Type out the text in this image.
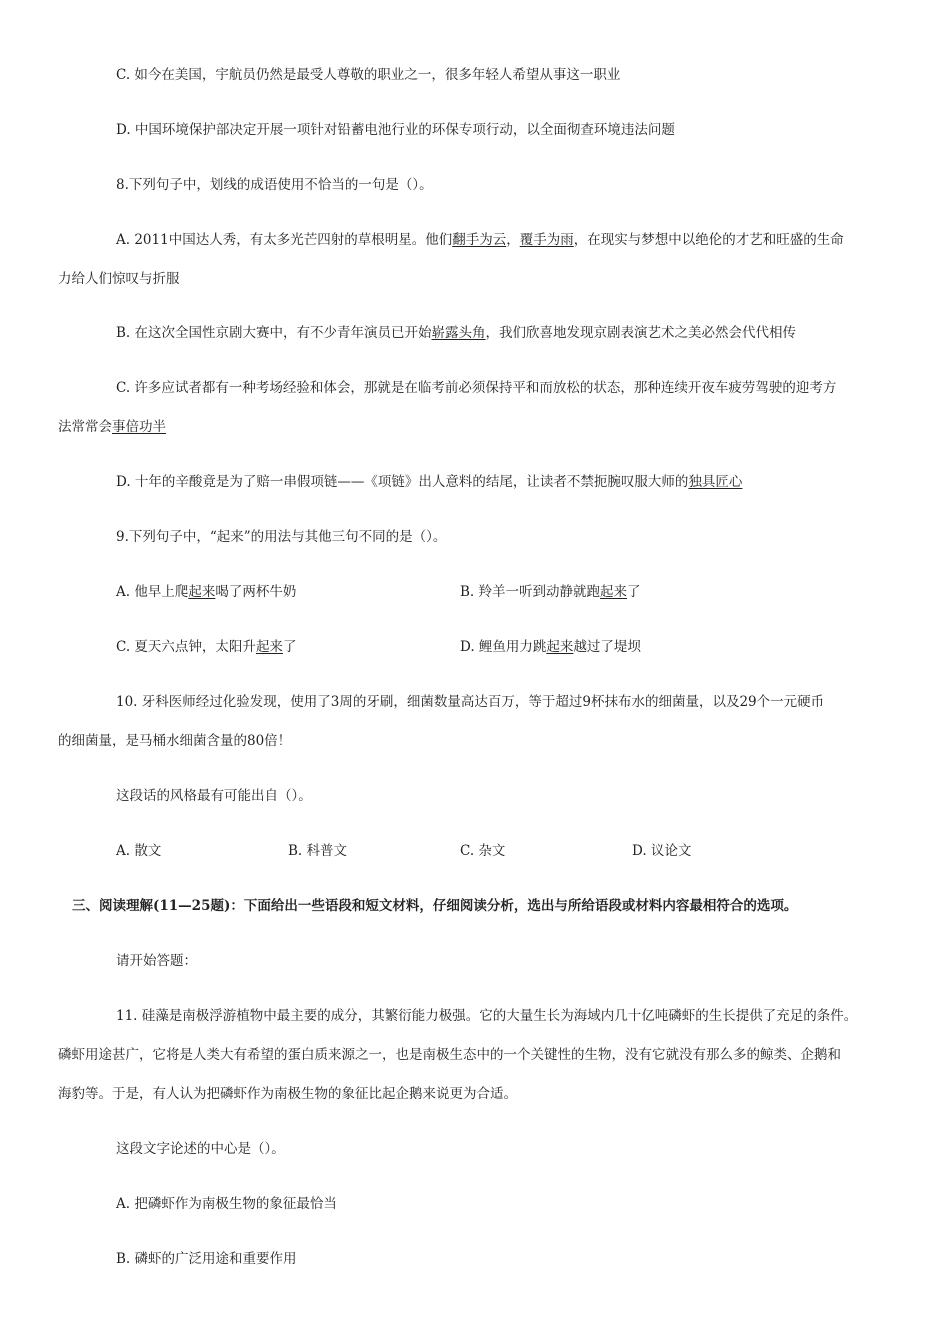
C. 如今在美国，宇航员仍然是最受人尊敬的职业之一，很多年轻人希望从事这一职业
D. 中国环境保护部决定开展一项针对铅蓄电池行业的环保专项行动，以全面彻查环境违法问题
8.下列句子中，划线的成语使用不恰当的一句是（）。
A. 2011中国达人秀，有太多光芒四射的草根明星。他们翻手为云，覆手为雨，在现实与梦想中以绝伦的才艺和旺盛的生命
力给人们惊叹与折服
B. 在这次全国性京剧大赛中，有不少青年演员已开始崭露头角，我们欣喜地发现京剧表演艺术之美必然会代代相传
C. 许多应试者都有一种考场经验和体会，那就是在临考前必须保持平和而放松的状态，那种连续开夜车疲劳驾驶的迎考方
法常常会事倍功半
D. 十年的辛酸竟是为了赔一串假项链——《项链》出人意料的结尾，让读者不禁扼腕叹服大师的独具匠心
9.下列句子中，“起来”的用法与其他三句不同的是（）。
A. 他早上爬起来喝了两杯牛奶	B. 羚羊一听到动静就跑起来了
C. 夏天六点钟，太阳升起来了	D. 鲤鱼用力跳起来越过了堤坝
10. 牙科医师经过化验发现，使用了3周的牙刷，细菌数量高达百万，等于超过9杯抹布水的细菌量，以及29个一元硬币
的细菌量，是马桶水细菌含量的80倍！
这段话的风格最有可能出自（）。
A. 散文	B. 科普文	C. 杂文	D. 议论文
三、阅读理解(11—25题)：下面给出一些语段和短文材料，仔细阅读分析，选出与所给语段或材料内容最相符合的选项。
请开始答题：
11. 硅藻是南极浮游植物中最主要的成分，其繁衍能力极强。它的大量生长为海域内几十亿吨磷虾的生长提供了充足的条件。
磷虾用途甚广，它将是人类大有希望的蛋白质来源之一，也是南极生态中的一个关键性的生物，没有它就没有那么多的鲸类、企鹅和
海豹等。于是，有人认为把磷虾作为南极生物的象征比起企鹅来说更为合适。
这段文字论述的中心是（）。
A. 把磷虾作为南极生物的象征最恰当
B. 磷虾的广泛用途和重要作用
